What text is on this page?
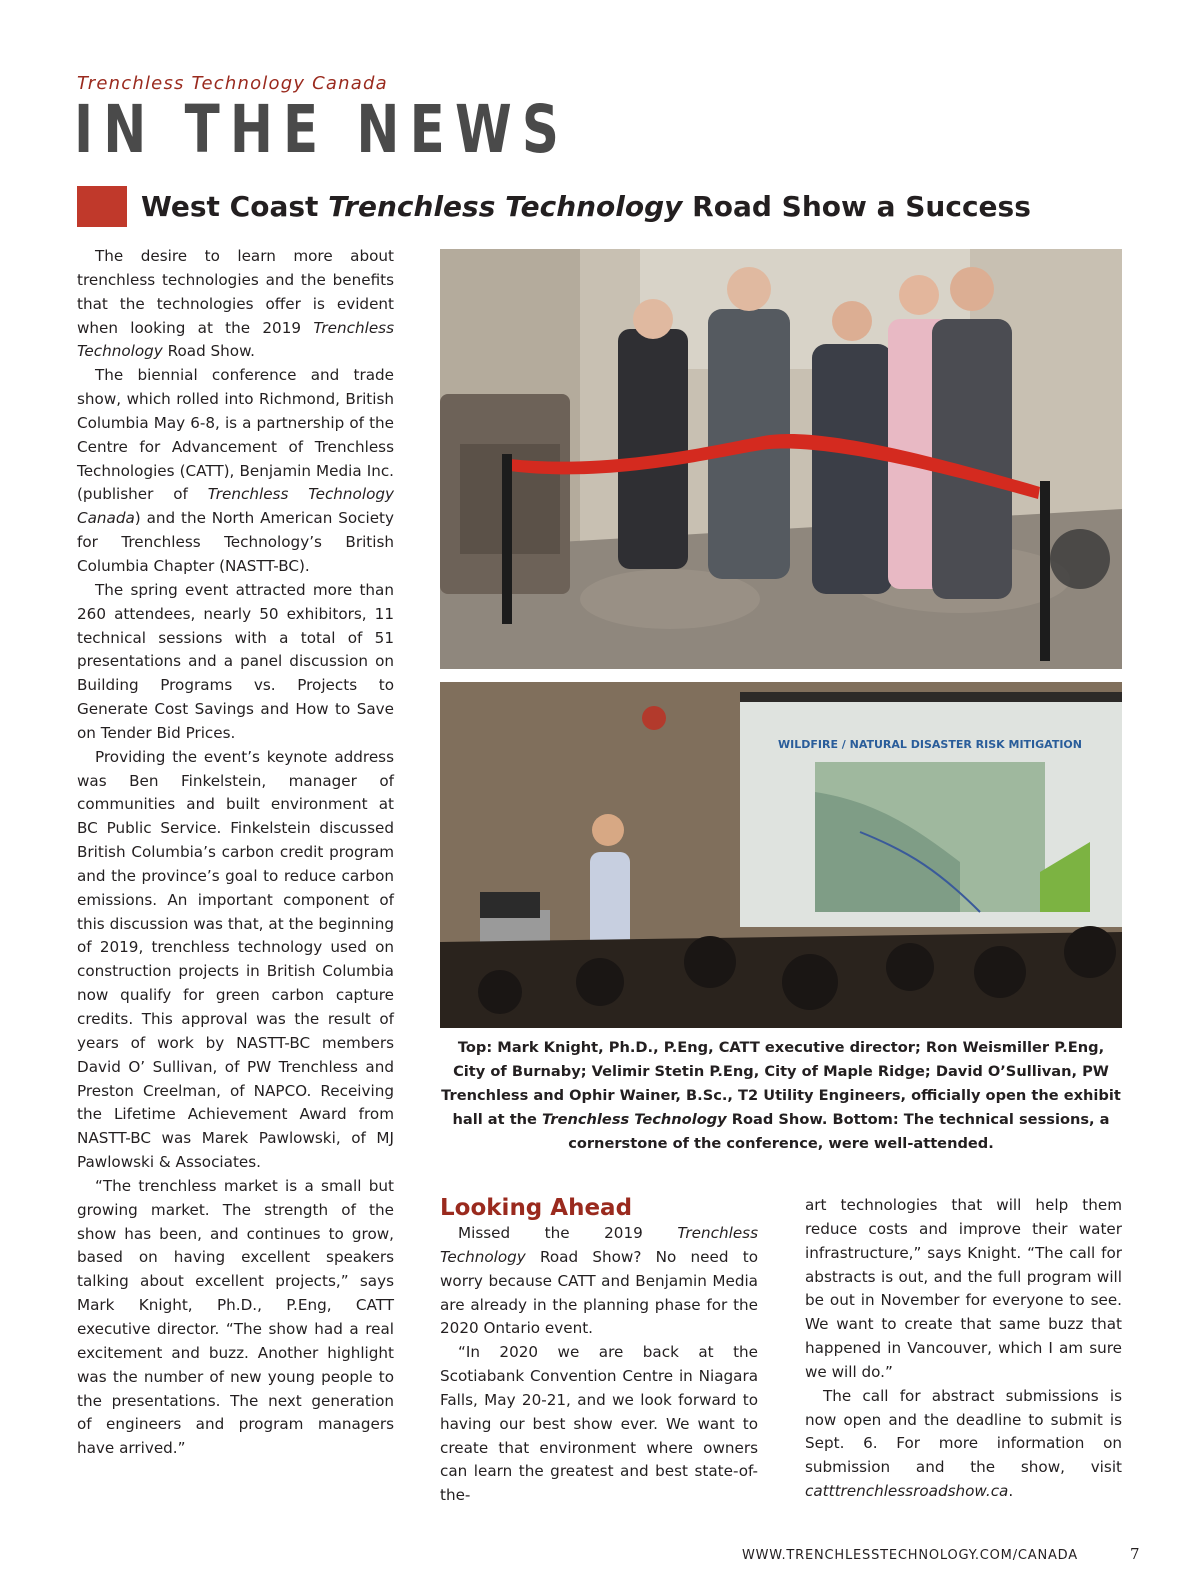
Trenchless Technology Canada
IN THE NEWS
West Coast Trenchless Technology Road Show a Success

The desire to learn more about trenchless technologies and the benefits that the technologies offer is evident when looking at the 2019 Trenchless Technology Road Show.

The biennial conference and trade show, which rolled into Richmond, British Columbia May 6-8, is a partnership of the Centre for Advancement of Trenchless Technologies (CATT), Benjamin Media Inc. (publisher of Trenchless Technology Canada) and the North American Society for Trenchless Technology’s British Columbia Chapter (NASTT-BC).

The spring event attracted more than 260 attendees, nearly 50 exhibitors, 11 technical sessions with a total of 51 presentations and a panel discussion on Building Programs vs. Projects to Generate Cost Savings and How to Save on Tender Bid Prices.

Providing the event’s keynote address was Ben Finkelstein, manager of communities and built environment at BC Public Service. Finkelstein discussed British Columbia’s carbon credit program and the province’s goal to reduce carbon emissions. An important component of this discussion was that, at the beginning of 2019, trenchless technology used on construction projects in British Columbia now qualify for green carbon capture credits. This approval was the result of years of work by NASTT-BC members David O’ Sullivan, of PW Trenchless and Preston Creelman, of NAPCO. Receiving the Lifetime Achievement Award from NASTT-BC was Marek Pawlowski, of MJ Pawlowski & Associates.

“The trenchless market is a small but growing market. The strength of the show has been, and continues to grow, based on having excellent speakers talking about excellent projects,” says Mark Knight, Ph.D., P.Eng, CATT executive director. “The show had a real excitement and buzz. Another highlight was the number of new young people to the presentations. The next generation of engineers and program managers have arrived.”

WILDFIRE / NATURAL DISASTER RISK MITIGATION
Top: Mark Knight, Ph.D., P.Eng, CATT executive director; Ron Weismiller P.Eng, City of Burnaby; Velimir Stetin P.Eng, City of Maple Ridge; David O’Sullivan, PW Trenchless and Ophir Wainer, B.Sc., T2 Utility Engineers, officially open the exhibit hall at the Trenchless Technology Road Show. Bottom: The technical sessions, a cornerstone of the conference, were well-attended.
Looking Ahead

Missed the 2019 Trenchless Technology Road Show? No need to worry because CATT and Benjamin Media are already in the planning phase for the 2020 Ontario event.

“In 2020 we are back at the Scotiabank Convention Centre in Niagara Falls, May 20-21, and we look forward to having our best show ever. We want to create that environment where owners can learn the greatest and best state-of-the-

art technologies that will help them reduce costs and improve their water infrastructure,” says Knight. “The call for abstracts is out, and the full program will be out in November for everyone to see. We want to create that same buzz that happened in Vancouver, which I am sure we will do.”

The call for abstract submissions is now open and the deadline to submit is Sept. 6. For more information on submission and the show, visit catttrenchlessroadshow.ca.

WWW.TRENCHLESSTECHNOLOGY.COM/CANADA	7
